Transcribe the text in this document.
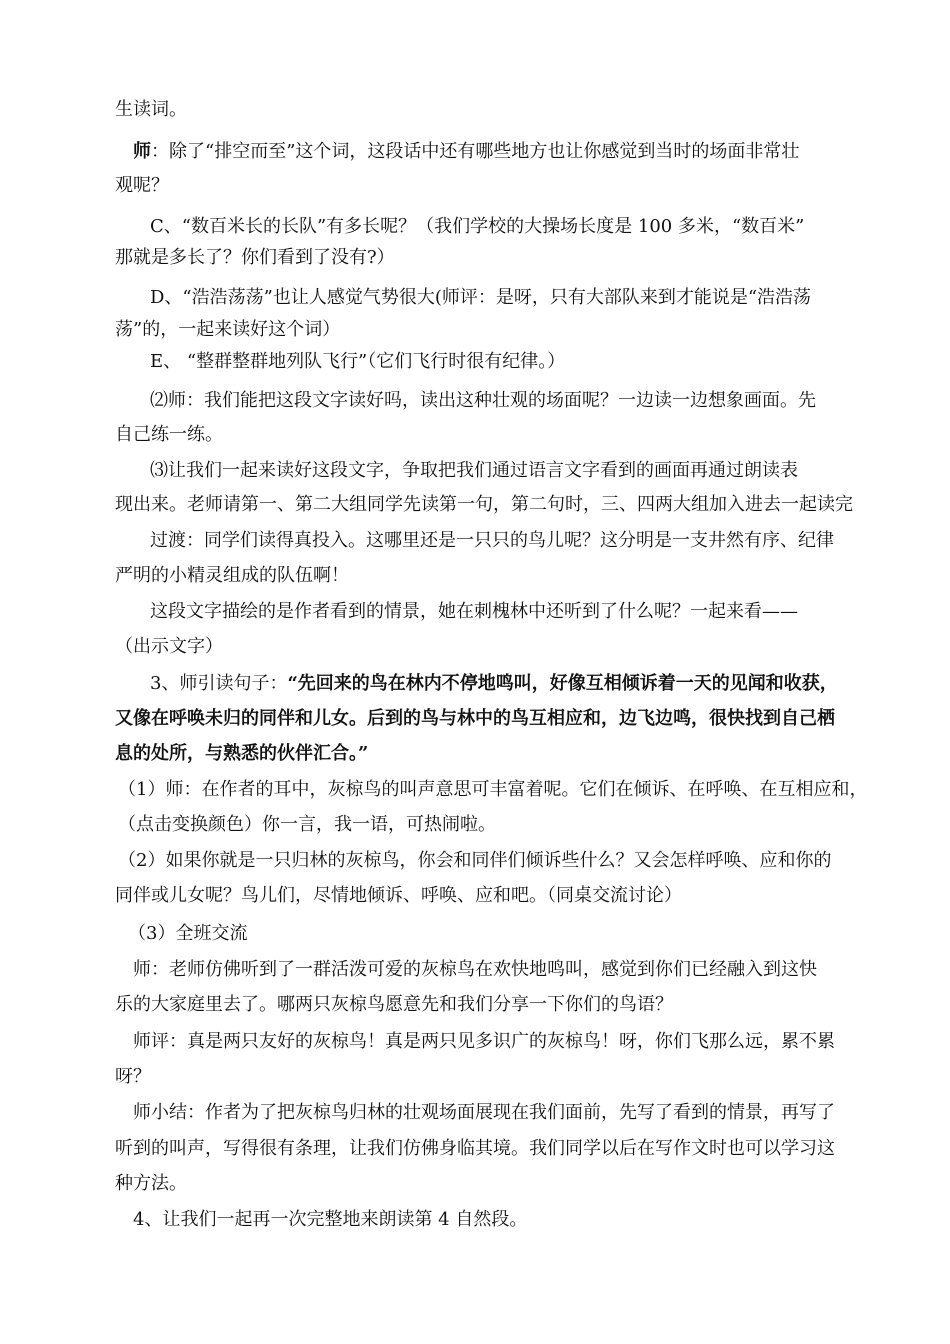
生读词。
师：除了“排空而至”这个词，这段话中还有哪些地方也让你感觉到当时的场面非常壮
观呢？
C、“数百米长的长队”有多长呢？（我们学校的大操场长度是 100 多米，“数百米”
那就是多长了？你们看到了没有?）
D、“浩浩荡荡”也让人感觉气势很大(师评：是呀，只有大部队来到才能说是“浩浩荡
荡”的，一起来读好这个词）
E、 “整群整群地列队飞行”（它们飞行时很有纪律。）
⑵师：我们能把这段文字读好吗，读出这种壮观的场面呢？一边读一边想象画面。先
自己练一练。
⑶让我们一起来读好这段文字，争取把我们通过语言文字看到的画面再通过朗读表
现出来。老师请第一、第二大组同学先读第一句，第二句时，三、四两大组加入进去一起读完
过渡：同学们读得真投入。这哪里还是一只只的鸟儿呢？这分明是一支井然有序、纪律
严明的小精灵组成的队伍啊！
这段文字描绘的是作者看到的情景，她在刺槐林中还听到了什么呢？一起来看——
（出示文字）
3、师引读句子：“先回来的鸟在林内不停地鸣叫，好像互相倾诉着一天的见闻和收获，
又像在呼唤未归的同伴和儿女。后到的鸟与林中的鸟互相应和，边飞边鸣，很快找到自己栖
息的处所，与熟悉的伙伴汇合。”
（1）师：在作者的耳中，灰椋鸟的叫声意思可丰富着呢。它们在倾诉、在呼唤、在互相应和，
（点击变换颜色）你一言，我一语，可热闹啦。
（2）如果你就是一只归林的灰椋鸟，你会和同伴们倾诉些什么？又会怎样呼唤、应和你的
同伴或儿女呢？鸟儿们，尽情地倾诉、呼唤、应和吧。（同桌交流讨论）
（3）全班交流
师：老师仿佛听到了一群活泼可爱的灰椋鸟在欢快地鸣叫，感觉到你们已经融入到这快
乐的大家庭里去了。哪两只灰椋鸟愿意先和我们分享一下你们的鸟语？
师评：真是两只友好的灰椋鸟！真是两只见多识广的灰椋鸟！呀，你们飞那么远，累不累
呀？
师小结：作者为了把灰椋鸟归林的壮观场面展现在我们面前，先写了看到的情景，再写了
听到的叫声，写得很有条理，让我们仿佛身临其境。我们同学以后在写作文时也可以学习这
种方法。
4、让我们一起再一次完整地来朗读第 4 自然段。
